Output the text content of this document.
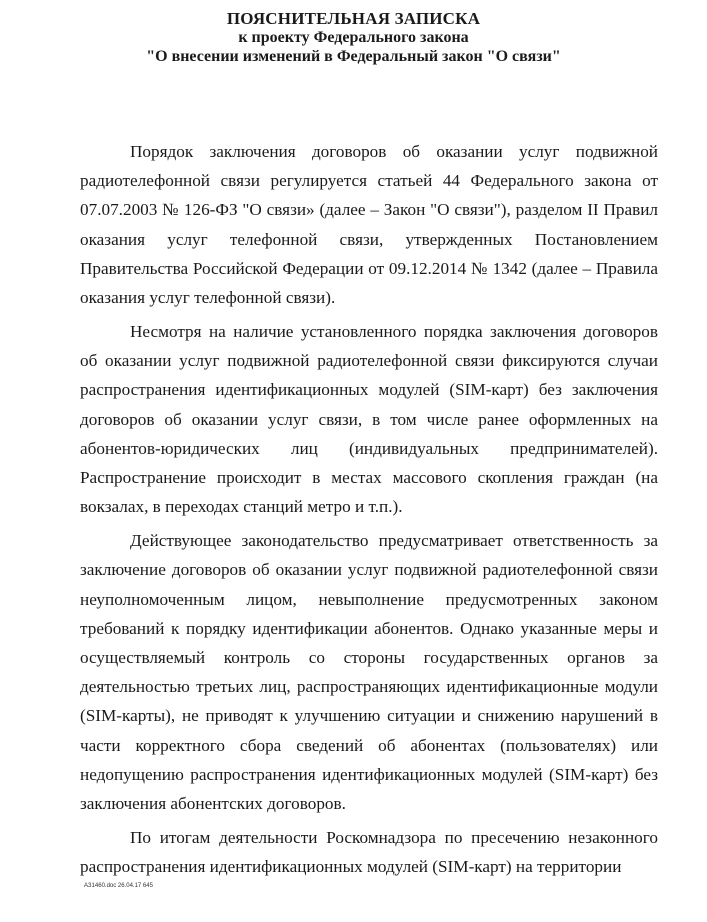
ПОЯСНИТЕЛЬНАЯ ЗАПИСКА
к проекту Федерального закона
"О внесении изменений в Федеральный закон "О связи"

Порядок заключения договоров об оказании услуг подвижной радиотелефонной связи регулируется статьей 44 Федерального закона от 07.07.2003 № 126-ФЗ "О связи» (далее – Закон "О связи"), разделом II Правил оказания услуг телефонной связи, утвержденных Постановлением Правительства Российской Федерации от 09.12.2014 № 1342 (далее – Правила оказания услуг телефонной связи).

Несмотря на наличие установленного порядка заключения договоров об оказании услуг подвижной радиотелефонной связи фиксируются случаи распространения идентификационных модулей (SIM-карт) без заключения договоров об оказании услуг связи, в том числе ранее оформленных на абонентов-юридических лиц (индивидуальных предпринимателей). Распространение происходит в местах массового скопления граждан (на вокзалах, в переходах станций метро и т.п.).

Действующее законодательство предусматривает ответственность за заключение договоров об оказании услуг подвижной радиотелефонной связи неуполномоченным лицом, невыполнение предусмотренных законом требований к порядку идентификации абонентов. Однако указанные меры и осуществляемый контроль со стороны государственных органов за деятельностью третьих лиц, распространяющих идентификационные модули (SIM-карты), не приводят к улучшению ситуации и снижению нарушений в части корректного сбора сведений об абонентах (пользователях) или недопущению распространения идентификационных модулей (SIM-карт) без заключения абонентских договоров.

По итогам деятельности Роскомнадзора по пресечению незаконного распространения идентификационных модулей (SIM-карт) на территории

АЗ1460.doc 26.04.17 645
